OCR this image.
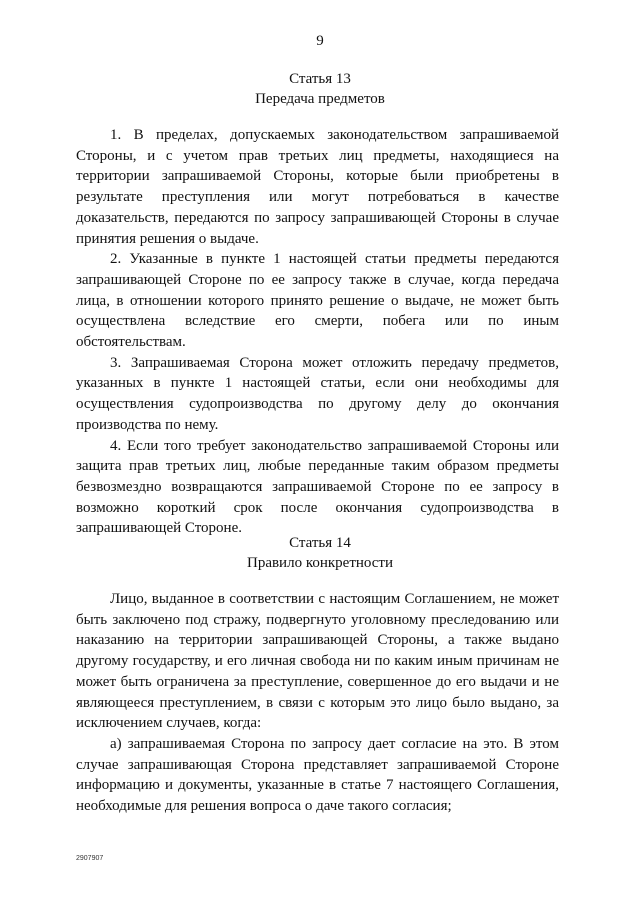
9
Статья 13
Передача предметов

1. В пределах, допускаемых законодательством запрашиваемой Стороны, и с учетом прав третьих лиц предметы, находящиеся на территории запрашиваемой Стороны, которые были приобретены в результате преступления или могут потребоваться в качестве доказательств, передаются по запросу запрашивающей Стороны в случае принятия решения о выдаче.

2. Указанные в пункте 1 настоящей статьи предметы передаются запрашивающей Стороне по ее запросу также в случае, когда передача лица, в отношении которого принято решение о выдаче, не может быть осуществлена вследствие его смерти, побега или по иным обстоятельствам.

3. Запрашиваемая Сторона может отложить передачу предметов, указанных в пункте 1 настоящей статьи, если они необходимы для осуществления судопроизводства по другому делу до окончания производства по нему.

4. Если того требует законодательство запрашиваемой Стороны или защита прав третьих лиц, любые переданные таким образом предметы безвозмездно возвращаются запрашиваемой Стороне по ее запросу в возможно короткий срок после окончания судопроизводства в запрашивающей Стороне.

Статья 14
Правило конкретности

Лицо, выданное в соответствии с настоящим Соглашением, не может быть заключено под стражу, подвергнуто уголовному преследованию или наказанию на территории запрашивающей Стороны, а также выдано другому государству, и его личная свобода ни по каким иным причинам не может быть ограничена за преступление, совершенное до его выдачи и не являющееся преступлением, в связи с которым это лицо было выдано, за исключением случаев, когда:

а) запрашиваемая Сторона по запросу дает согласие на это. В этом случае запрашивающая Сторона представляет запрашиваемой Стороне информацию и документы, указанные в статье 7 настоящего Соглашения, необходимые для решения вопроса о даче такого согласия;

2907907
